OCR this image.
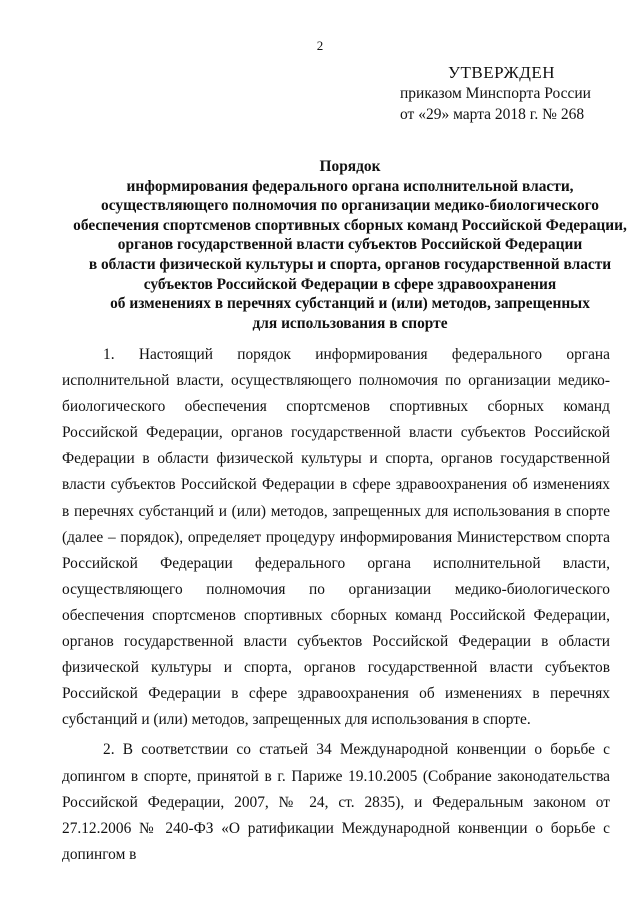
2
УТВЕРЖДЕН
приказом Минспорта России
от «29» марта 2018 г. № 268
Порядок
информирования федерального органа исполнительной власти,
осуществляющего полномочия по организации медико-биологического
обеспечения спортсменов спортивных сборных команд Российской Федерации,
органов государственной власти субъектов Российской Федерации
в области физической культуры и спорта, органов государственной власти
субъектов Российской Федерации в сфере здравоохранения
об изменениях в перечнях субстанций и (или) методов, запрещенных
для использования в спорте

1. Настоящий порядок информирования федерального органа исполнительной власти, осуществляющего полномочия по организации медико-биологического обеспечения спортсменов спортивных сборных команд Российской Федерации, органов государственной власти субъектов Российской Федерации в области физической культуры и спорта, органов государственной власти субъектов Российской Федерации в сфере здравоохранения об изменениях в перечнях субстанций и (или) методов, запрещенных для использования в спорте (далее – порядок), определяет процедуру информирования Министерством спорта Российской Федерации федерального органа исполнительной власти, осуществляющего полномочия по организации медико-биологического обеспечения спортсменов спортивных сборных команд Российской Федерации, органов государственной власти субъектов Российской Федерации в области физической культуры и спорта, органов государственной власти субъектов Российской Федерации в сфере здравоохранения об изменениях в перечнях субстанций и (или) методов, запрещенных для использования в спорте.

2. В соответствии со статьей 34 Международной конвенции о борьбе с допингом в спорте, принятой в г. Париже 19.10.2005 (Собрание законодательства Российской Федерации, 2007, № 24, ст. 2835), и Федеральным законом от 27.12.2006 № 240-ФЗ «О ратификации Международной конвенции о борьбе с допингом в
